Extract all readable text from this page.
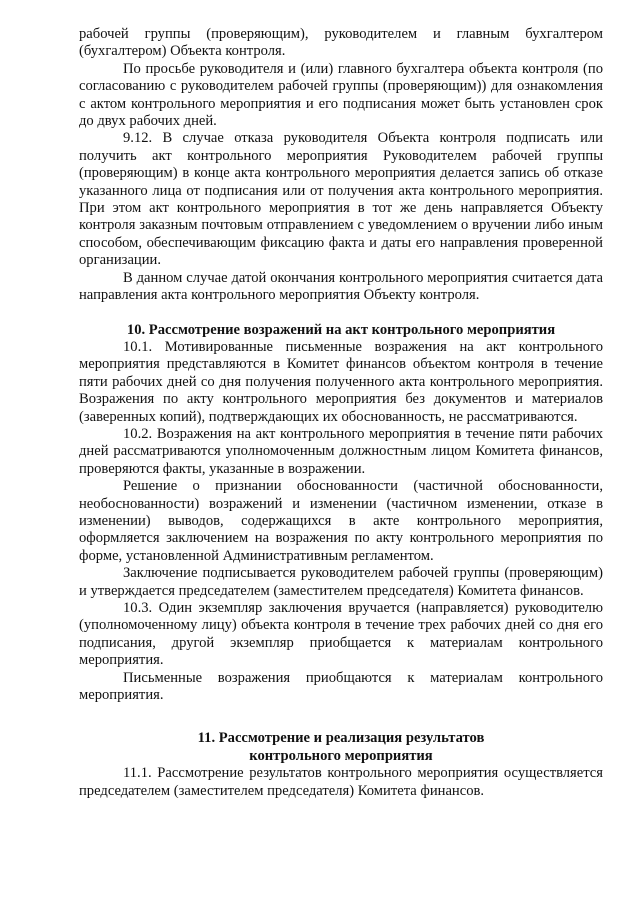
рабочей группы (проверяющим), руководителем и главным бухгалтером (бухгалтером) Объекта контроля.

По просьбе руководителя и (или) главного бухгалтера объекта контроля (по согласованию с руководителем рабочей группы (проверяющим)) для ознакомления с актом контрольного мероприятия и его подписания может быть установлен срок до двух рабочих дней.

9.12. В случае отказа руководителя Объекта контроля подписать или получить акт контрольного мероприятия Руководителем рабочей группы (проверяющим) в конце акта контрольного мероприятия делается запись об отказе указанного лица от подписания или от получения акта контрольного мероприятия. При этом акт контрольного мероприятия в тот же день направляется Объекту контроля заказным почтовым отправлением с уведомлением о вручении либо иным способом, обеспечивающим фиксацию факта и даты его направления проверенной организации.

В данном случае датой окончания контрольного мероприятия считается дата направления акта контрольного мероприятия Объекту контроля.

10. Рассмотрение возражений на акт контрольного мероприятия

10.1. Мотивированные письменные возражения на акт контрольного мероприятия представляются в Комитет финансов объектом контроля в течение пяти рабочих дней со дня получения полученного акта контрольного мероприятия. Возражения по акту контрольного мероприятия без документов и материалов (заверенных копий), подтверждающих их обоснованность, не рассматриваются.

10.2. Возражения на акт контрольного мероприятия в течение пяти рабочих дней рассматриваются уполномоченным должностным лицом Комитета финансов, проверяются факты, указанные в возражении.

Решение о признании обоснованности (частичной обоснованности, необоснованности) возражений и изменении (частичном изменении, отказе в изменении) выводов, содержащихся в акте контрольного мероприятия, оформляется заключением на возражения по акту контрольного мероприятия по форме, установленной Административным регламентом.

Заключение подписывается руководителем рабочей группы (проверяющим) и утверждается председателем (заместителем председателя) Комитета финансов.

10.3. Один экземпляр заключения вручается (направляется) руководителю (уполномоченному лицу) объекта контроля в течение трех рабочих дней со дня его подписания, другой экземпляр приобщается к материалам контрольного мероприятия.

Письменные возражения приобщаются к материалам контрольного мероприятия.

11. Рассмотрение и реализация результатов
контрольного мероприятия

11.1. Рассмотрение результатов контрольного мероприятия осуществляется председателем (заместителем председателя) Комитета финансов.
